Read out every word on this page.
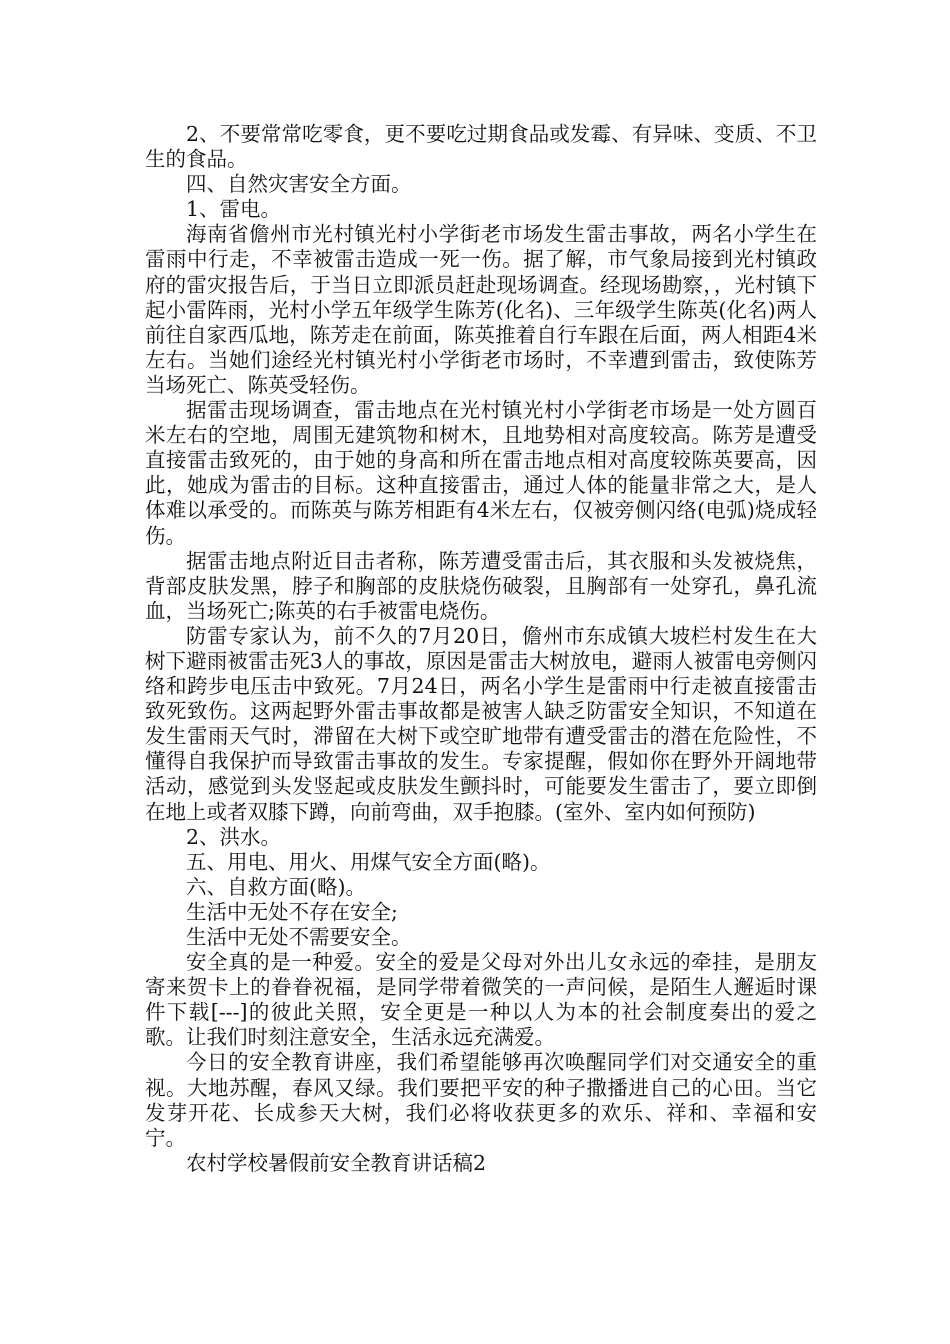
2、不要常常吃零食，更不要吃过期食品或发霉、有异味、变质、不卫生的食品。

四、自然灾害安全方面。

1、雷电。

海南省儋州市光村镇光村小学街老市场发生雷击事故，两名小学生在雷雨中行走，不幸被雷击造成一死一伤。据了解，市气象局接到光村镇政府的雷灾报告后，于当日立即派员赶赴现场调查。经现场勘察，，光村镇下起小雷阵雨，光村小学五年级学生陈芳(化名)、三年级学生陈英(化名)两人前往自家西瓜地，陈芳走在前面，陈英推着自行车跟在后面，两人相距4米左右。当她们途经光村镇光村小学街老市场时，不幸遭到雷击，致使陈芳当场死亡、陈英受轻伤。

据雷击现场调查，雷击地点在光村镇光村小学街老市场是一处方圆百米左右的空地，周围无建筑物和树木，且地势相对高度较高。陈芳是遭受直接雷击致死的，由于她的身高和所在雷击地点相对高度较陈英要高，因此，她成为雷击的目标。这种直接雷击，通过人体的能量非常之大，是人体难以承受的。而陈英与陈芳相距有4米左右，仅被旁侧闪络(电弧)烧成轻伤。

据雷击地点附近目击者称，陈芳遭受雷击后，其衣服和头发被烧焦，背部皮肤发黑，脖子和胸部的皮肤烧伤破裂，且胸部有一处穿孔，鼻孔流血，当场死亡;陈英的右手被雷电烧伤。

防雷专家认为，前不久的7月20日，儋州市东成镇大坡栏村发生在大树下避雨被雷击死3人的事故，原因是雷击大树放电，避雨人被雷电旁侧闪络和跨步电压击中致死。7月24日，两名小学生是雷雨中行走被直接雷击致死致伤。这两起野外雷击事故都是被害人缺乏防雷安全知识，不知道在发生雷雨天气时，滞留在大树下或空旷地带有遭受雷击的潜在危险性，不懂得自我保护而导致雷击事故的发生。专家提醒，假如你在野外开阔地带活动，感觉到头发竖起或皮肤发生颤抖时，可能要发生雷击了，要立即倒在地上或者双膝下蹲，向前弯曲，双手抱膝。(室外、室内如何预防)

2、洪水。

五、用电、用火、用煤气安全方面(略)。

六、自救方面(略)。

生活中无处不存在安全;

生活中无处不需要安全。

安全真的是一种爱。安全的爱是父母对外出儿女永远的牵挂，是朋友寄来贺卡上的眷眷祝福，是同学带着微笑的一声问候，是陌生人邂逅时课件下载[---]的彼此关照，安全更是一种以人为本的社会制度奏出的爱之歌。让我们时刻注意安全，生活永远充满爱。

今日的安全教育讲座，我们希望能够再次唤醒同学们对交通安全的重视。大地苏醒，春风又绿。我们要把平安的种子撒播进自己的心田。当它发芽开花、长成参天大树，我们必将收获更多的欢乐、祥和、幸福和安宁。

农村学校暑假前安全教育讲话稿2
